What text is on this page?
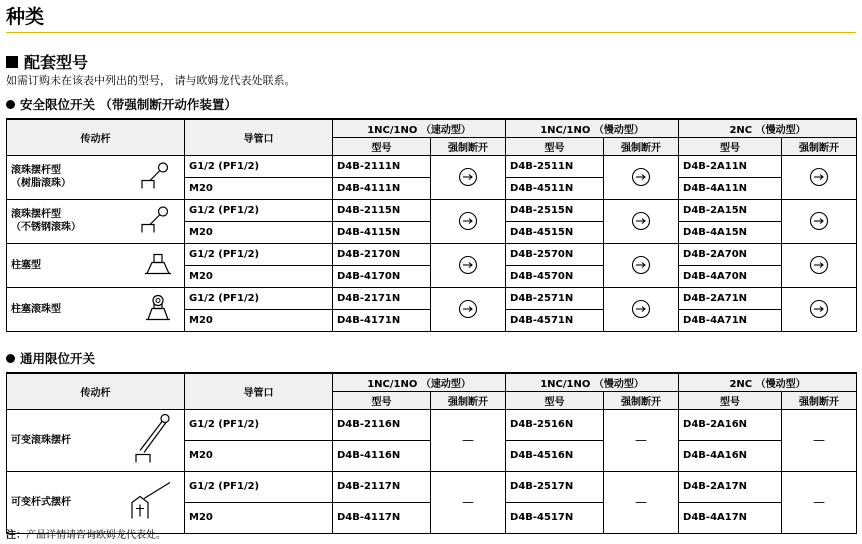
种类
配套型号
如需订购未在该表中列出的型号， 请与欧姆龙代表处联系。
安全限位开关 （带强制断开动作装置）
传动杆	导管口	1NC/1NO （速动型）		1NC/1NO （慢动型）		2NC （慢动型）	
		型号	强制断开	型号	强制断开	型号	强制断开

滚珠摆杆型
（树脂滚珠）	G1/2 (PF1/2)	D4B-2111N		D4B-2511N		D4B-2A11N	
	M20	D4B-4111N		D4B-4511N		D4B-4A11N	

滚珠摆杆型
（不锈钢滚珠）	G1/2 (PF1/2)	D4B-2115N		D4B-2515N		D4B-2A15N	
	M20	D4B-4115N		D4B-4515N		D4B-4A15N	

柱塞型	G1/2 (PF1/2)	D4B-2170N		D4B-2570N		D4B-2A70N	
	M20	D4B-4170N		D4B-4570N		D4B-4A70N	

柱塞滚珠型	G1/2 (PF1/2)	D4B-2171N		D4B-2571N		D4B-2A71N	
	M20	D4B-4171N		D4B-4571N		D4B-4A71N	
通用限位开关
传动杆	导管口	1NC/1NO （速动型）		1NC/1NO （慢动型）		2NC （慢动型）	
		型号	强制断开	型号	强制断开	型号	强制断开

可变滚珠摆杆	G1/2 (PF1/2)	D4B-2116N	—	D4B-2516N	—	D4B-2A16N	—
	M20	D4B-4116N		D4B-4516N		D4B-4A16N	

可变杆式摆杆	G1/2 (PF1/2)	D4B-2117N	—	D4B-2517N	—	D4B-2A17N	—
	M20	D4B-4117N		D4B-4517N		D4B-4A17N	
注：产品详情请咨询欧姆龙代表处。
